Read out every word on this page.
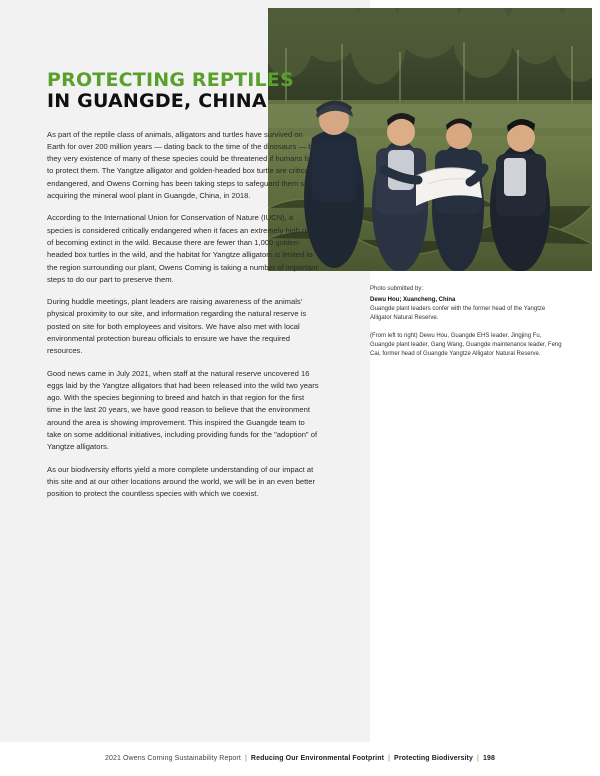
PROTECTING REPTILES
IN GUANGDE, CHINA

As part of the reptile class of animals, alligators and turtles have survived on Earth for over 200 million years — dating back to the time of the dinosaurs — but they very existence of many of these species could be threatened if humans fail to protect them. The Yangtze alligator and golden-headed box turtle are critically endangered, and Owens Corning has been taking steps to safeguard them since acquiring the mineral wool plant in Guangde, China, in 2018.

According to the International Union for Conservation of Nature (IUCN), a species is considered critically endangered when it faces an extremely high risk of becoming extinct in the wild. Because there are fewer than 1,000 golden-headed box turtles in the wild, and the habitat for Yangtze alligators is limited to the region surrounding our plant, Owens Corning is taking a number of important steps to do our part to preserve them.

During huddle meetings, plant leaders are raising awareness of the animals' physical proximity to our site, and information regarding the natural reserve is posted on site for both employees and visitors. We have also met with local environmental protection bureau officials to ensure we have the required resources.

Good news came in July 2021, when staff at the natural reserve uncovered 16 eggs laid by the Yangtze alligators that had been released into the wild two years ago. With the species beginning to breed and hatch in that region for the first time in the last 20 years, we have good reason to believe that the environment around the area is showing improvement. This inspired the Guangde team to take on some additional initiatives, including providing funds for the "adoption" of Yangtze alligators.

As our biodiversity efforts yield a more complete understanding of our impact at this site and at our other locations around the world, we will be in an even better position to protect the countless species with which we coexist.

Photo submitted by:

Dewu Hou; Xuancheng, China

Guangde plant leaders confer with the former head of the Yangtze Alligator Natural Reserve.

(From left to right) Dewu Hou, Guangde EHS leader, Jingjing Fu, Guangde plant leader, Gang Wang, Guangde maintenance leader, Feng Cai, former head of Guangde Yangtze Alligator Natural Reserve.

2021 Owens Corning Sustainability Report | Reducing Our Environmental Footprint | Protecting Biodiversity | 198
